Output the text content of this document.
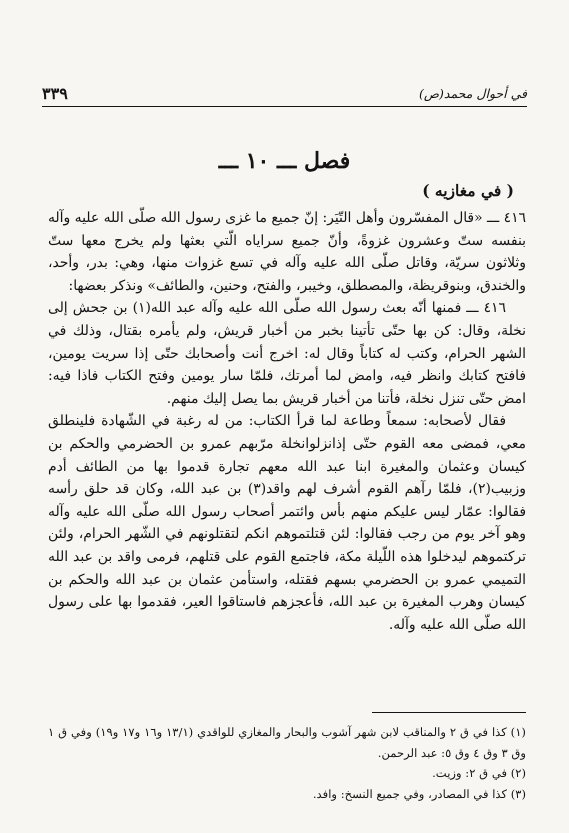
في أحوال محمد(ص)
٣٣٩
فصل ـــ ١٠ ـــ
( في مغازيه )

٤١٦ ـــ «قال المفسّرون وأهل التّيَر: إنّ جميع ما غزى رسول الله صلّى الله عليه وآله بنفسه ستّ وعشرون غزوةً، وأنّ جميع سراياه الّتي بعثها ولم يخرج معها ستّ وثلاثون سريّة، وقاتل صلّى الله عليه وآله في تسع غزوات منها، وهي: بدر، وأحد، والخندق، وبنوقريظة، والمصطلق، وخيبر، والفتح، وحنين، والطائف» ونذكر بعضها:

٤١٦ ـــ فمنها أنّه بعث رسول الله صلّى الله عليه وآله عبد الله(١) بن جحش إلى نخلة، وقال: كن بها حتّى تأتينا بخبر من أخبار قريش، ولم يأمره بقتال، وذلك في الشهر الحرام، وكتب له كتاباً وقال له: اخرج أنت وأصحابك حتّى إذا سريت يومين، فافتح كتابك وانظر فيه، وامض لما أمرتك، فلمّا سار يومين وفتح الكتاب فاذا فيه: امض حتّى تنزل نخلة، فأتنا من أخبار قريش بما يصل إليك منهم.

فقال لأصحابه: سمعاً وطاعة لما قرأ الكتاب: من له رغبة في الشّهادة فلينطلق معي، فمضى معه القوم حتّى إذانزلوانخلة مرّبهم عمرو بن الحضرمي والحكم بن كيسان وعثمان والمغيرة ابنا عبد الله معهم تجارة قدموا بها من الطائف أدم وزبيب(٢)، فلمّا رآهم القوم أشرف لهم واقد(٣) بن عبد الله، وكان قد حلق رأسه فقالوا: عمّار ليس عليكم منهم بأس وائتمر أصحاب رسول الله صلّى الله عليه وآله وهو آخر يوم من رجب فقالوا: لئن قتلتموهم انكم لتقتلونهم في الشّهر الحرام، ولئن تركتموهم ليدخلوا هذه اللّيلة مكة، فاجتمع القوم على قتلهم، فرمى واقد بن عبد الله التميمي عمرو بن الحضرمي بسهم فقتله، واستأمن عثمان بن عبد الله والحكم بن كيسان وهرب المغيرة بن عبد الله، فأعجزهم فاستاقوا العير، فقدموا بها على رسول الله صلّى الله عليه وآله.

(١) كذا في ق ٢ والمناقب لابن شهر آشوب والبحار والمغازي للواقدي (١٣/١ و١٦ و١٧ و١٩) وفي ق ١ وق ٣ وق ٤ وق ٥: عبد الرحمن.

(٢) في ق ٢: وزيت.

(٣) كذا في المصادر، وفي جميع النسخ: وافد.
